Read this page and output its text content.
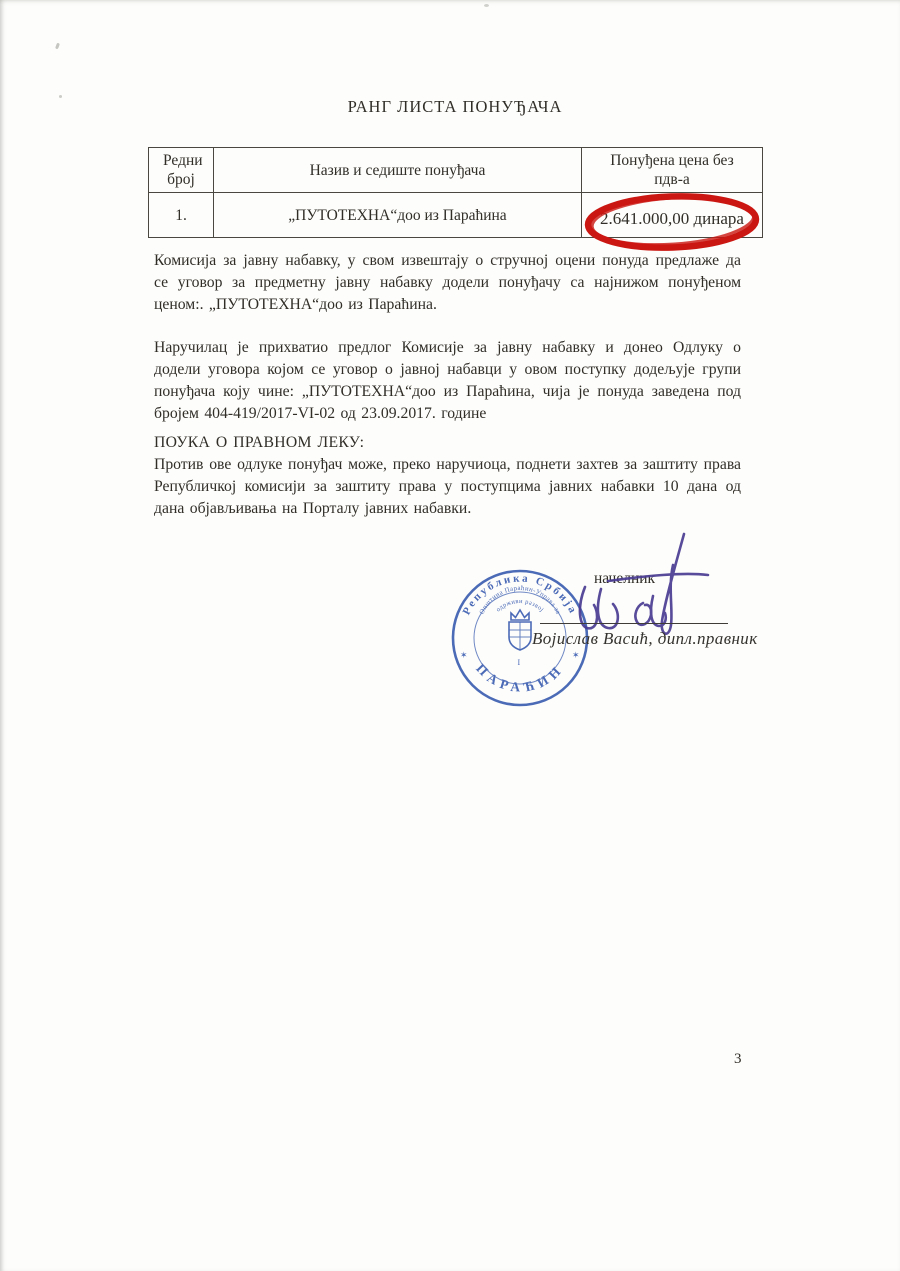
РАНГ ЛИСТА ПОНУЂАЧА
Редни број	Назив и седиште понуђача	Понуђена цена без пдв-а
1.	„ПУТОТЕХНА“доо из Параћина	2.641.000,00 динара

Комисија за јавну набавку, у свом извештају о стручној оцени понуда предлаже да се уговор за предметну јавну набавку додели понуђачу са најнижом понуђеном ценом:. „ПУТОТЕХНА“доо из Параћина.

Наручилац је прихватио предлог Комисије за јавну набавку и донео Одлуку о додели уговора којом се уговор о јавној набавци у овом поступку додељује групи понуђача коју чине: „ПУТОТЕХНА“доо из Параћина, чија је понуда заведена под бројем 404-419/2017-VI-02 од 23.09.2017. године

ПОУКА О ПРАВНОМ ЛЕКУ:

Против ове одлуке понуђач може, преко наручиоца, поднети захтев за заштиту права Републичкој комисији за заштиту права у поступцима јавних набавки 10 дана од дана објављивања на Порталу јавних набавки.

Република Србија
ПАРАЋИН
Општина Параћин-Управа за
одрживи развој
✶	✶
I
начелник
Војислав Васић, дипл.правник
3
